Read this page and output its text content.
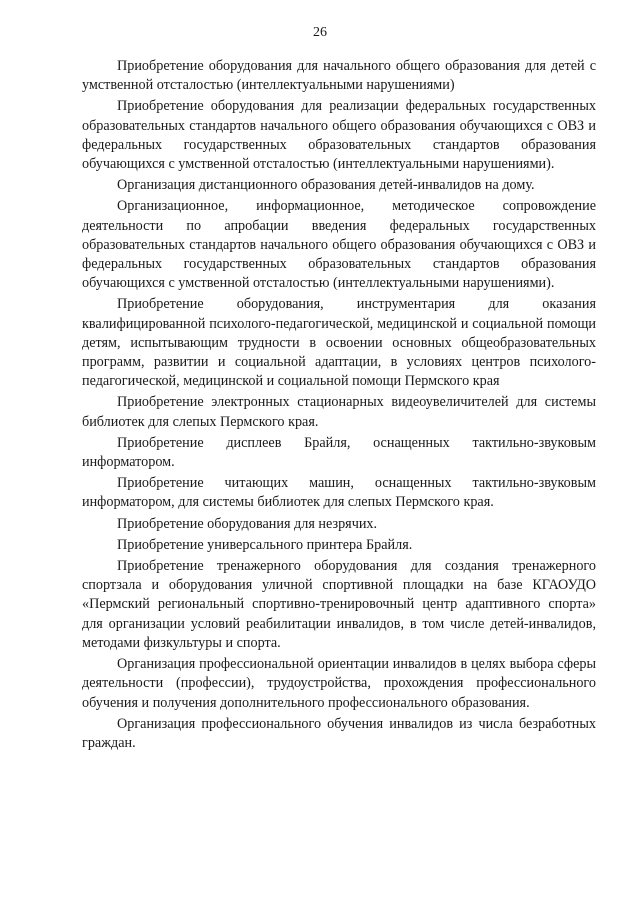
26

Приобретение оборудования для начального общего образования для детей с умственной отсталостью (интеллектуальными нарушениями)

Приобретение оборудования для реализации федеральных государственных образовательных стандартов начального общего образования обучающихся с ОВЗ и федеральных государственных образовательных стандартов образования обучающихся с умственной отсталостью (интеллектуальными нарушениями).

Организация дистанционного образования детей-инвалидов на дому.

Организационное, информационное, методическое сопровождение деятельности по апробации введения федеральных государственных образовательных стандартов начального общего образования обучающихся с ОВЗ и федеральных государственных образовательных стандартов образования обучающихся с умственной отсталостью (интеллектуальными нарушениями).

Приобретение оборудования, инструментария для оказания квалифицированной психолого-педагогической, медицинской и социальной помощи детям, испытывающим трудности в освоении основных общеобразовательных программ, развитии и социальной адаптации, в условиях центров психолого-педагогической, медицинской и социальной помощи Пермского края

Приобретение электронных стационарных видеоувеличителей для системы библиотек для слепых Пермского края.

Приобретение дисплеев Брайля, оснащенных тактильно-звуковым информатором.

Приобретение читающих машин, оснащенных тактильно-звуковым информатором, для системы библиотек для слепых Пермского края.

Приобретение оборудования для незрячих.

Приобретение универсального принтера Брайля.

Приобретение тренажерного оборудования для создания тренажерного спортзала и оборудования уличной спортивной площадки на базе КГАОУДО «Пермский региональный спортивно-тренировочный центр адаптивного спорта» для организации условий реабилитации инвалидов, в том числе детей-инвалидов, методами физкультуры и спорта.

Организация профессиональной ориентации инвалидов в целях выбора сферы деятельности (профессии), трудоустройства, прохождения профессионального обучения и получения дополнительного профессионального образования.

Организация профессионального обучения инвалидов из числа безработных граждан.
